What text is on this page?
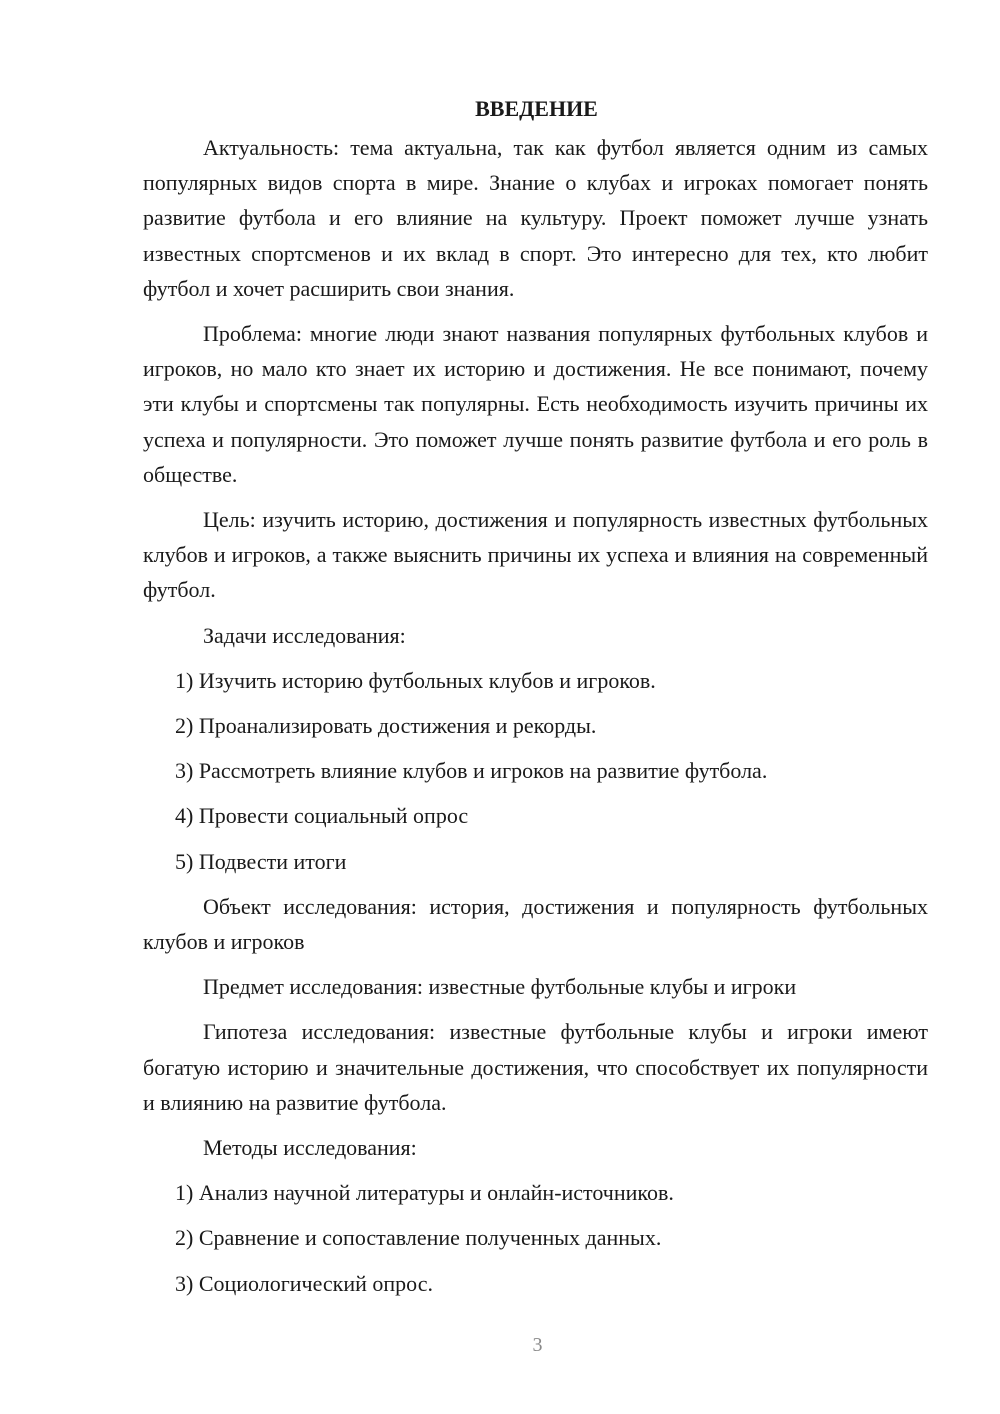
ВВЕДЕНИЕ

Актуальность: тема актуальна, так как футбол является одним из самых популярных видов спорта в мире. Знание о клубах и игроках помогает понять развитие футбола и его влияние на культуру. Проект поможет лучше узнать известных спортсменов и их вклад в спорт. Это интересно для тех, кто любит футбол и хочет расширить свои знания.

Проблема: многие люди знают названия популярных футбольных клубов и игроков, но мало кто знает их историю и достижения. Не все понимают, почему эти клубы и спортсмены так популярны. Есть необходимость изучить причины их успеха и популярности. Это поможет лучше понять развитие футбола и его роль в обществе.

Цель: изучить историю, достижения и популярность известных футбольных клубов и игроков, а также выяснить причины их успеха и влияния на современный футбол.

Задачи исследования:
1) Изучить историю футбольных клубов и игроков.
2) Проанализировать достижения и рекорды.
3) Рассмотреть влияние клубов и игроков на развитие футбола.
4) Провести социальный опрос
5) Подвести итоги

Объект исследования: история, достижения и популярность футбольных клубов и игроков

Предмет исследования: известные футбольные клубы и игроки

Гипотеза исследования: известные футбольные клубы и игроки имеют богатую историю и значительные достижения, что способствует их популярности и влиянию на развитие футбола.

Методы исследования:
1) Анализ научной литературы и онлайн-источников.
2) Сравнение и сопоставление полученных данных.
3) Социологический опрос.
3
